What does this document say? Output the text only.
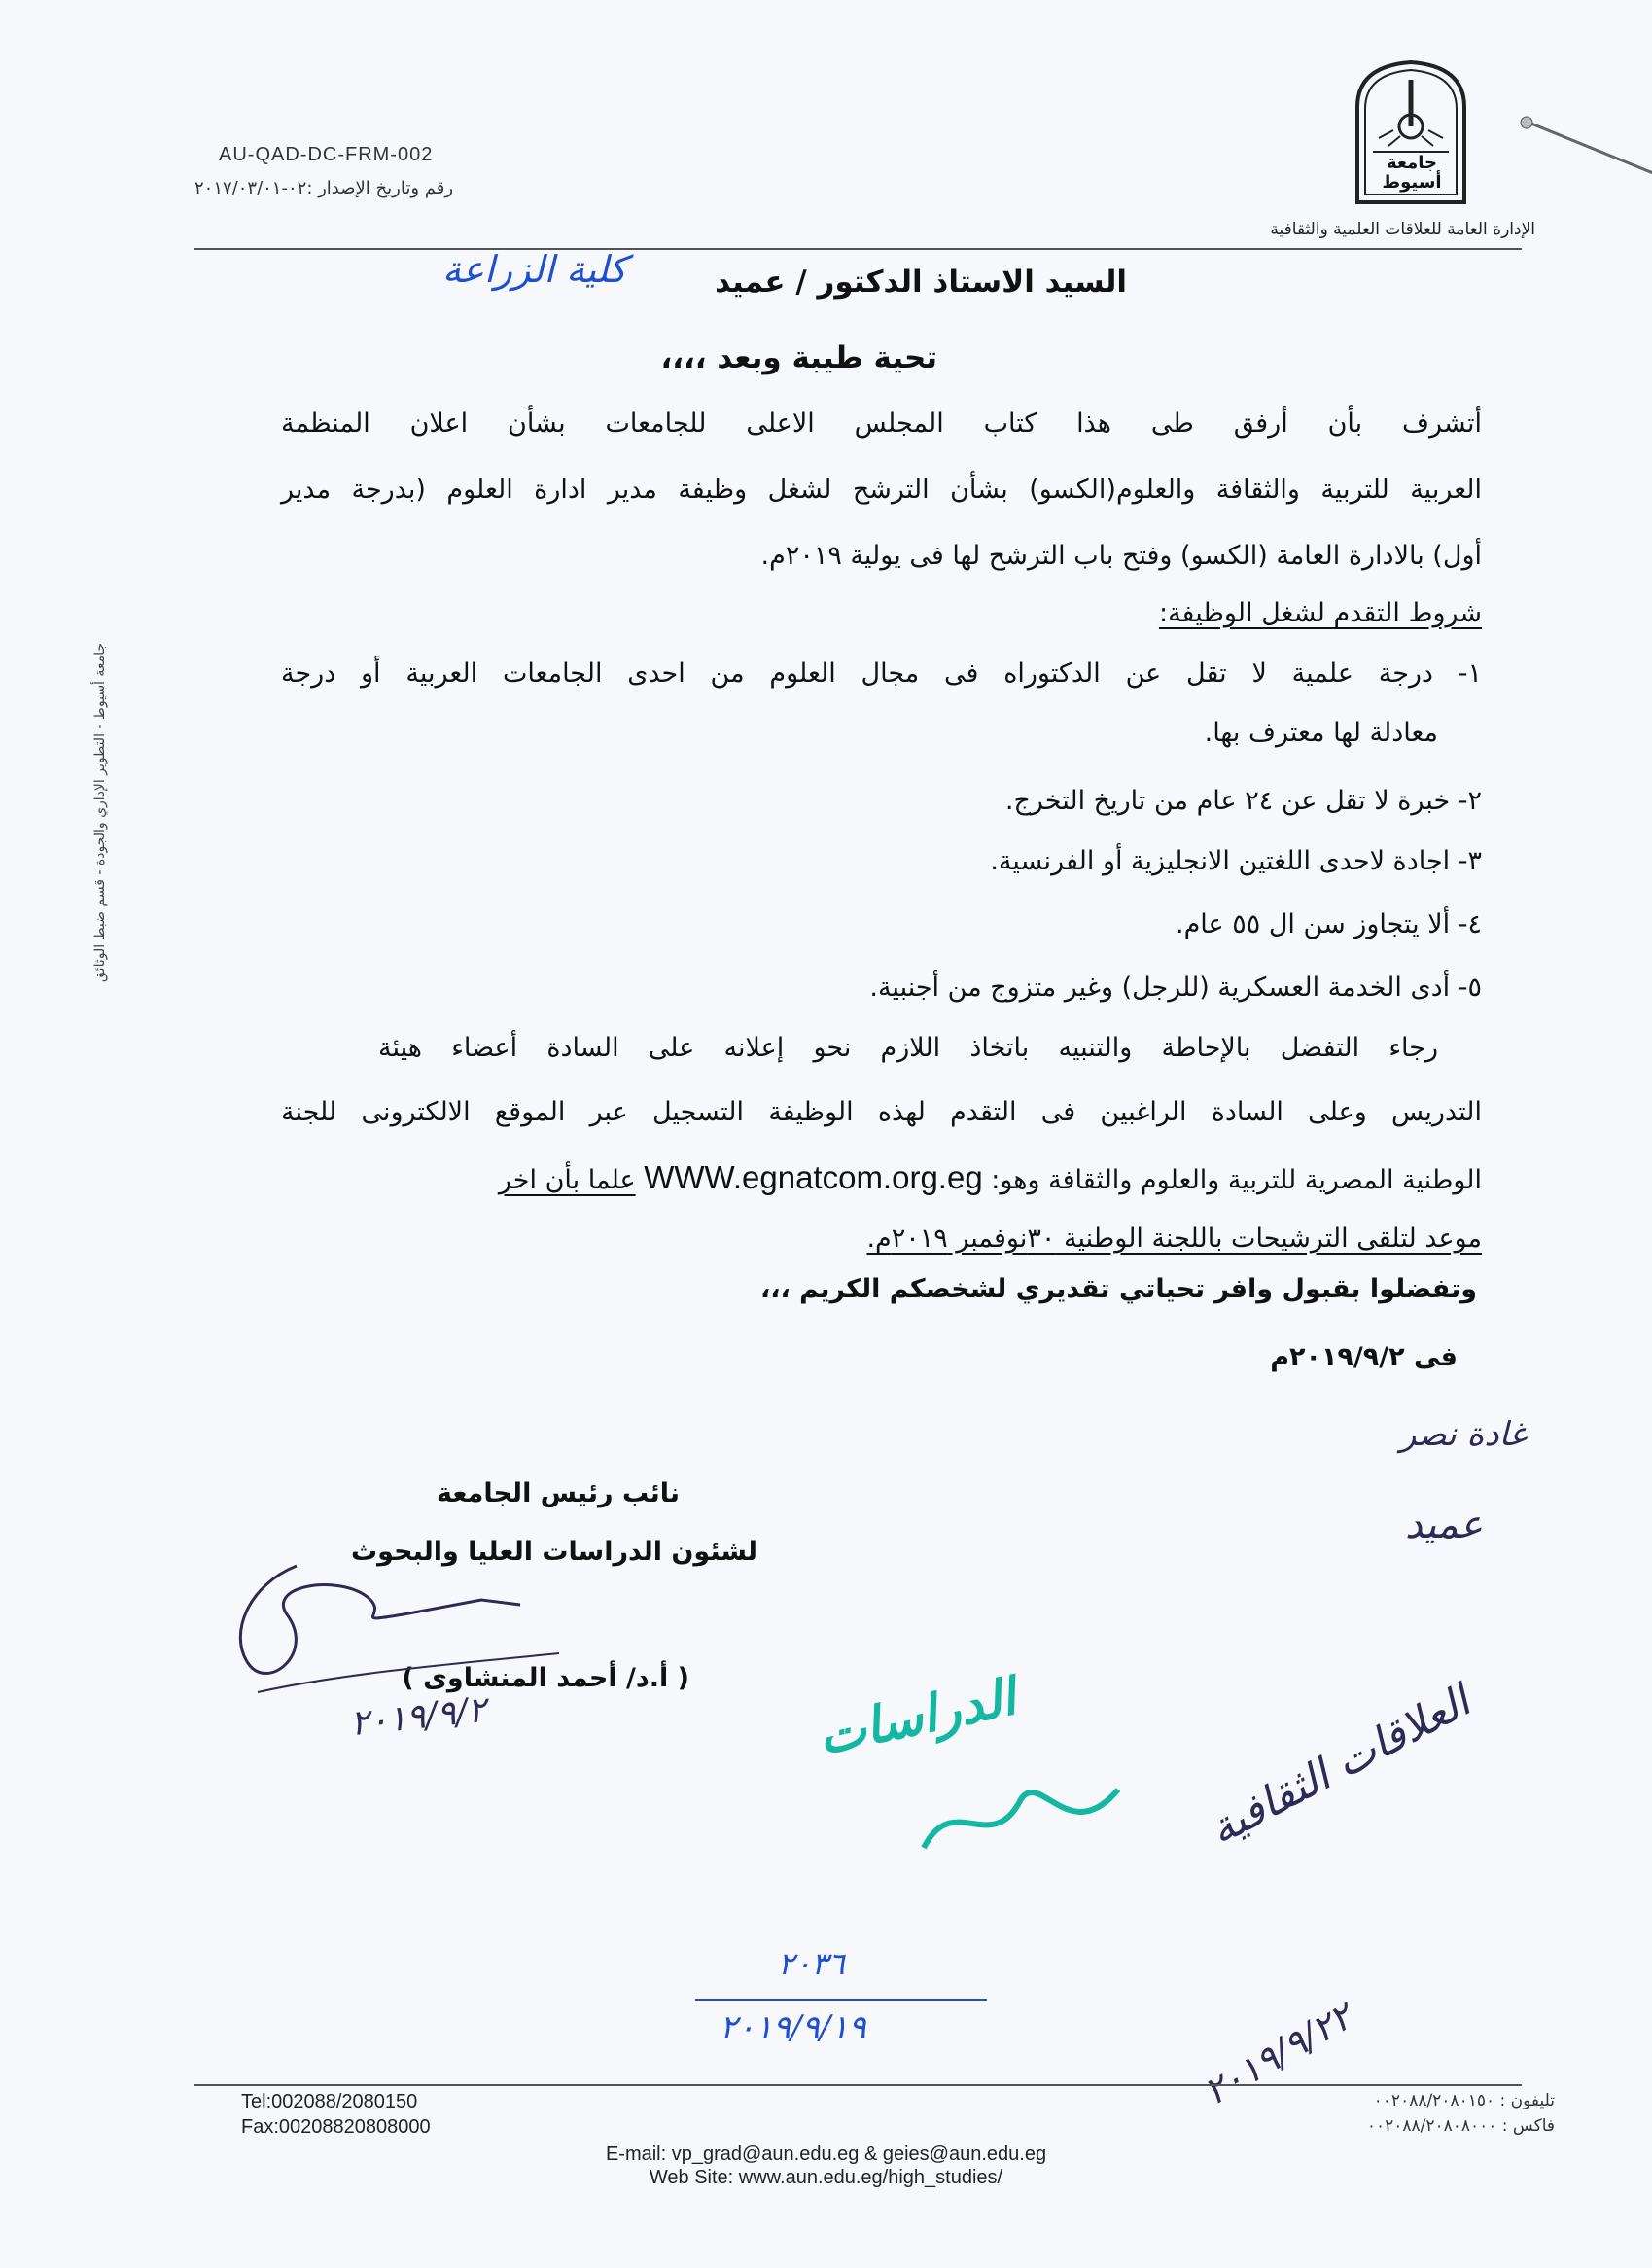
AU-QAD-DC-FRM-002
رقم وتاريخ الإصدار :٠٢-٢٠١٧/٠٣/٠١
جامعة أسيوط
الإدارة العامة للعلاقات العلمية والثقافية
السيد الاستاذ الدكتور / عميد
كلية الزراعة
تحية طيبة وبعد ،،،،
أتشرف بأن أرفق طى هذا كتاب المجلس الاعلى للجامعات بشأن اعلان المنظمة
العربية للتربية والثقافة والعلوم(الكسو) بشأن الترشح لشغل وظيفة مدير ادارة العلوم (بدرجة مدير
أول) بالادارة العامة (الكسو) وفتح باب الترشح لها فى يولية ٢٠١٩م.
شروط التقدم لشغل الوظيفة:
١- درجة علمية لا تقل عن الدكتوراه فى مجال العلوم من احدى الجامعات العربية أو درجة
معادلة لها معترف بها.
٢- خبرة لا تقل عن ٢٤ عام من تاريخ التخرج.
٣- اجادة لاحدى اللغتين الانجليزية أو الفرنسية.
٤- ألا يتجاوز سن ال ٥٥ عام.
٥- أدى الخدمة العسكرية (للرجل) وغير متزوج من أجنبية.
رجاء التفضل بالإحاطة والتنبيه باتخاذ اللازم نحو إعلانه على السادة أعضاء هيئة
التدريس وعلى السادة الراغبين فى التقدم لهذه الوظيفة التسجيل عبر الموقع الالكترونى للجنة
الوطنية المصرية للتربية والعلوم والثقافة وهو: WWW.egnatcom.org.eg علما بأن اخر
موعد لتلقى الترشيحات باللجنة الوطنية ٣٠نوفمبر ٢٠١٩م.
وتفضلوا بقبول وافر تحياتي تقديري لشخصكم الكريم ،،،
فى ٢٠١٩/٩/٢م
نائب رئيس الجامعة
لشئون الدراسات العليا والبحوث
( أ.د/ أحمد المنشاوى )
٢٠١٩/٩/٢
غادة نصر
عميد
الدراسات	العلاقات الثقافية
٢٠٣٦
٢٠١٩/٩/١٩	٢٠١٩/٩/٢٢
جامعة أسيوط - التطوير الإداري والجودة - قسم ضبط الوثائق
Tel:002088/2080150
Fax:00208820808000
تليفون : ٠٠٢٠٨٨/٢٠٨٠١٥٠
فاكس : ٠٠٢٠٨٨/٢٠٨٠٨٠٠٠
E-mail: vp_grad@aun.edu.eg & geies@aun.edu.eg
Web Site: www.aun.edu.eg/high_studies/
